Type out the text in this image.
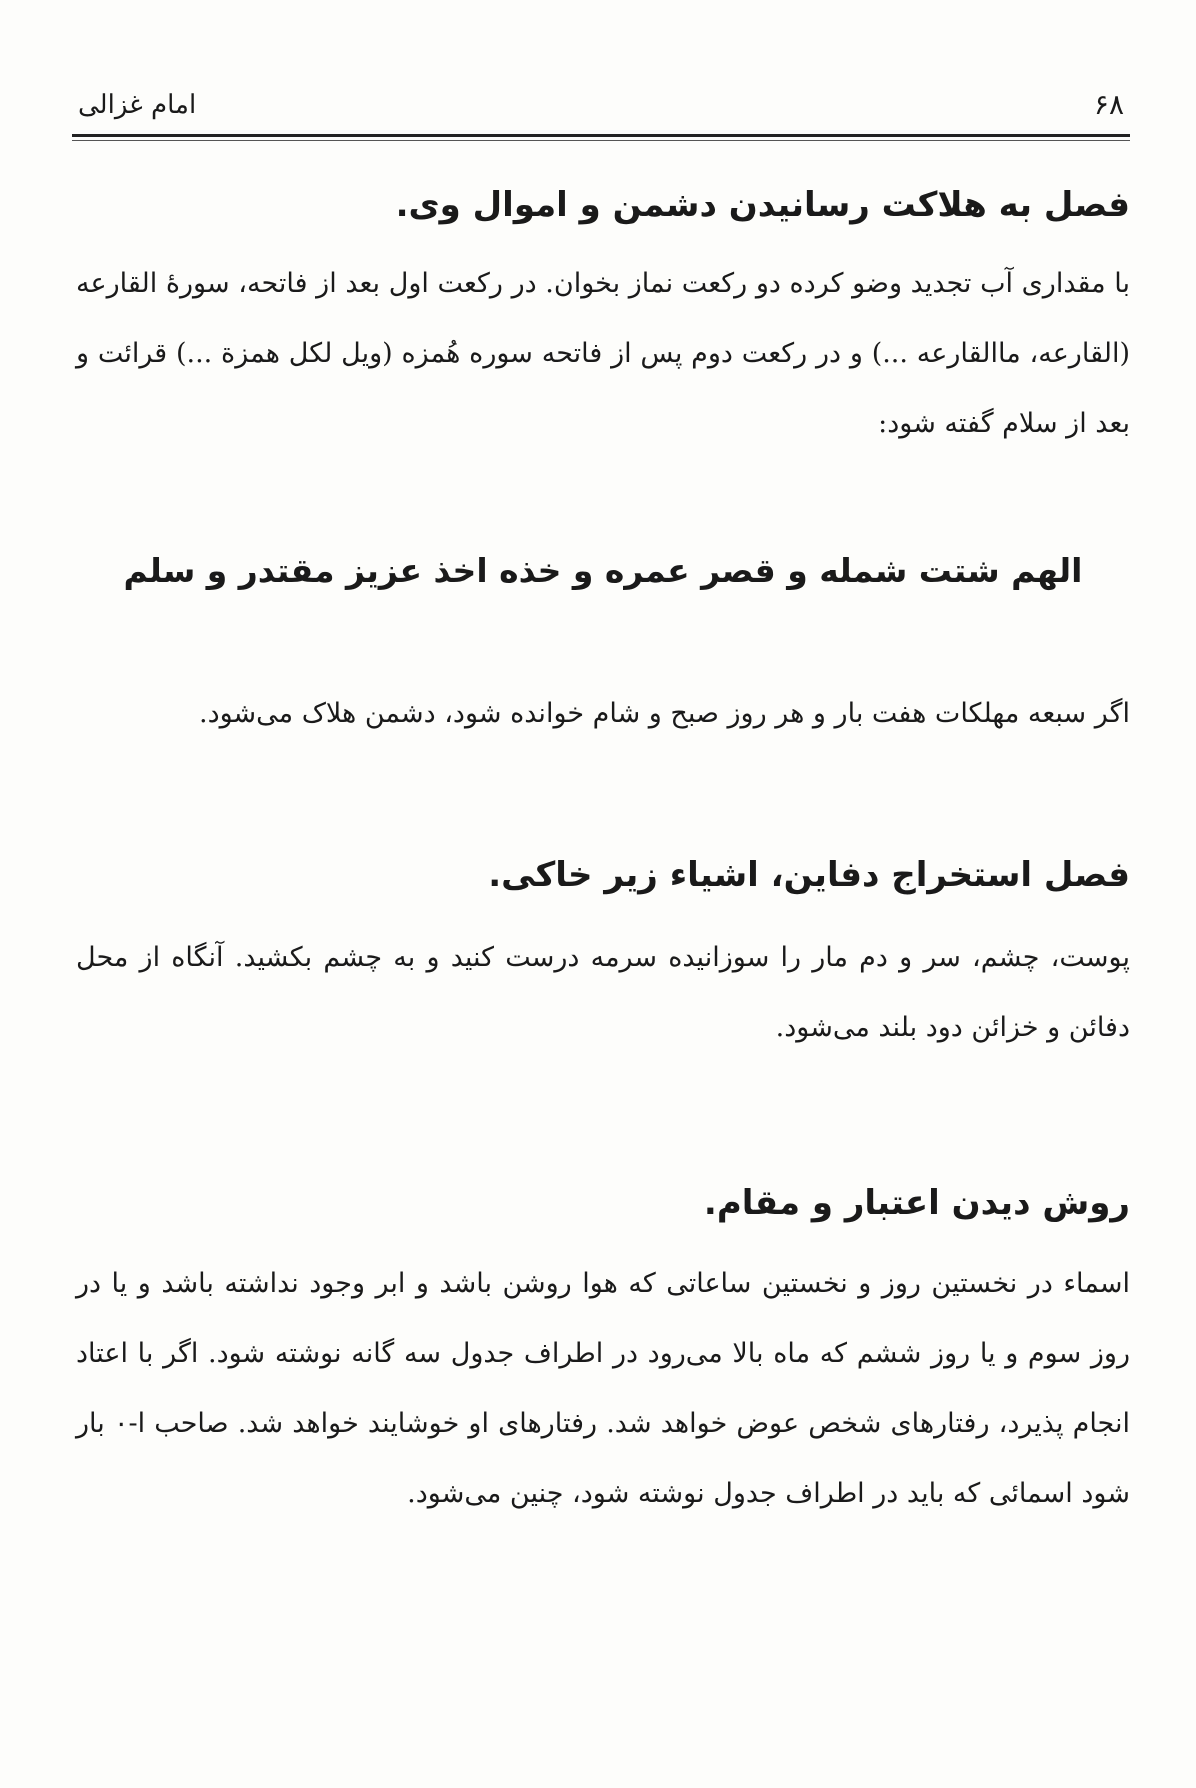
۶۸
امام غزالی
فصل به هلاکت رسانیدن دشمن و اموال وی.

با مقداری آب تجدید وضو کرده دو رکعت نماز بخوان. در رکعت اول بعد از فاتحه، سورهٔ القارعه (القارعه، ماالقارعه ...) و در رکعت دوم پس از فاتحه سوره هُمزه (ویل لکل همزة ...) قرائت و بعد از سلام گفته شود:

الهم شتت شمله و قصر عمره و خذه اخذ عزیز مقتدر و سلم

اگر سبعه مهلکات هفت بار و هر روز صبح و شام خوانده شود، دشمن هلاک می‌شود.

فصل استخراج دفاین، اشیاء زیر خاکی.

پوست، چشم، سر و دم مار را سوزانیده سرمه درست کنید و به چشم بکشید. آنگاه از محل دفائن و خزائن دود بلند می‌شود.

روش دیدن اعتبار و مقام.

اسماء در نخستین روز و نخستین ساعاتی که هوا روشن باشد و ابر وجود نداشته باشد و یا در روز سوم و یا روز ششم که ماه بالا می‌رود در اطراف جدول سه گانه نوشته شود. اگر با اعتاد انجام پذیرد، رفتارهای شخص عوض خواهد شد. رفتارهای او خوشایند خواهد شد. صاحب ا-۰ بار شود اسمائی که باید در اطراف جدول نوشته شود، چنین می‌شود.
